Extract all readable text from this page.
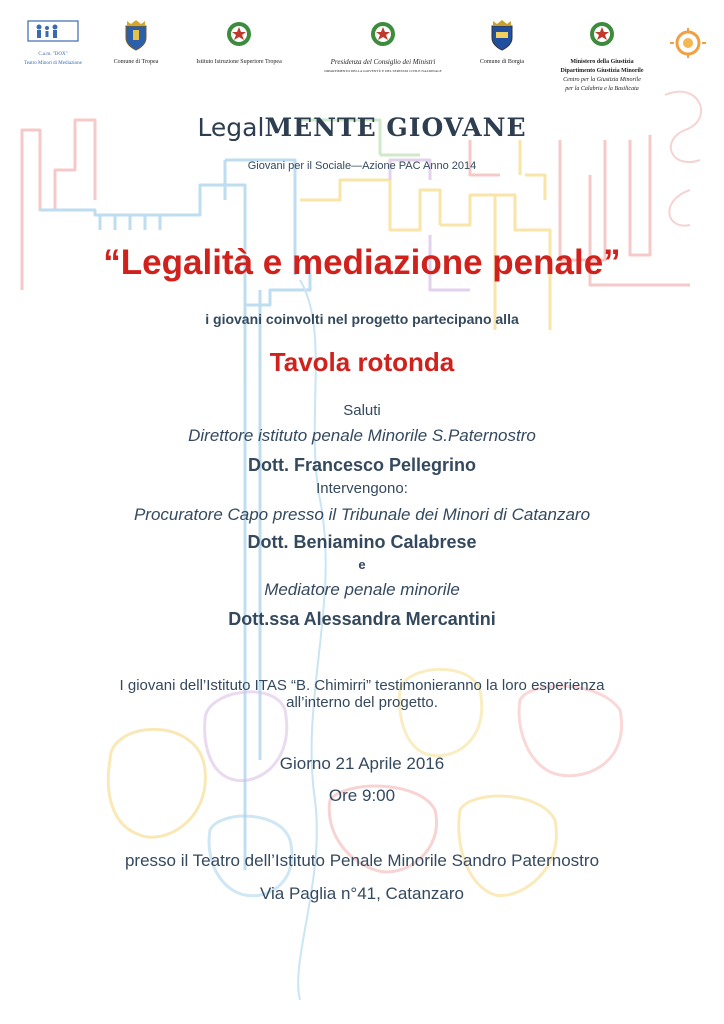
C.a.m. "DOX"
Teatro Minori di Mediazione	Comune di Tropea	Istituto Istruzione Superiore Tropea	Presidenza del Consiglio dei Ministri
DIPARTIMENTO DELLA GIOVENTÙ E DEL SERVIZIO CIVILE NAZIONALE
Comune di Borgia	Ministero della Giustizia
Dipartimento Giustizia Minorile
Centro per la Giustizia Minorile
per la Calabria e la Basilicata
LegalMENTE GIOVANE
Giovani per il Sociale—Azione PAC Anno 2014
“Legalità e mediazione penale”
i giovani coinvolti nel progetto partecipano alla
Tavola rotonda
Saluti
Direttore istituto penale Minorile S.Paternostro
Dott. Francesco Pellegrino
Intervengono:
Procuratore Capo presso il Tribunale dei Minori di Catanzaro
Dott. Beniamino Calabrese
e
Mediatore penale minorile
Dott.ssa Alessandra Mercantini
I giovani dell’Istituto ITAS “B. Chimirri” testimonieranno la loro esperienza
all’interno del progetto.
Giorno 21 Aprile 2016
Ore 9:00
presso il Teatro dell’Istituto Penale Minorile Sandro Paternostro
Via Paglia n°41, Catanzaro
